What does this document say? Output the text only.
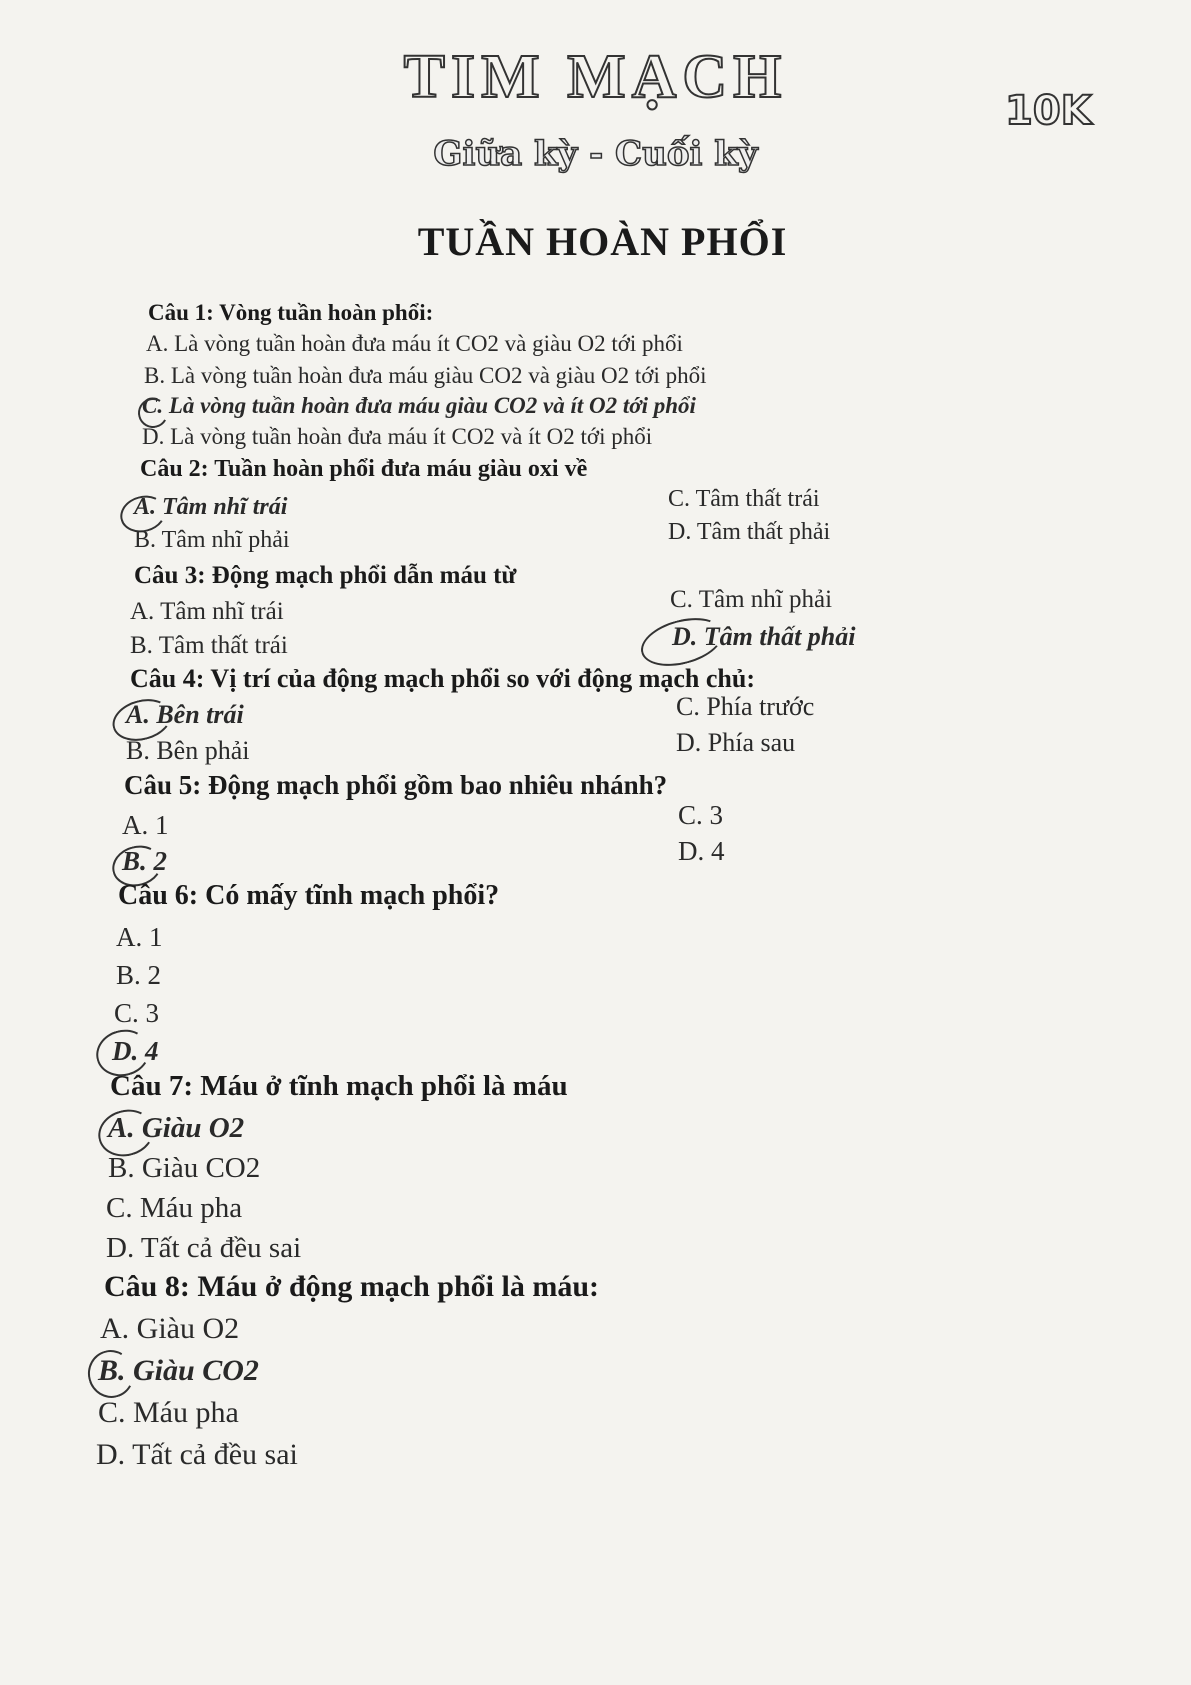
TIM MẠCH	10K
Giữa kỳ - Cuối kỳ
TUẦN HOÀN PHỔI
Câu 1: Vòng tuần hoàn phổi:
A. Là vòng tuần hoàn đưa máu ít CO2 và giàu O2 tới phổi
B. Là vòng tuần hoàn đưa máu giàu CO2 và giàu O2 tới phổi
C. Là vòng tuần hoàn đưa máu giàu CO2 và ít O2 tới phổi
D. Là vòng tuần hoàn đưa máu ít CO2 và ít O2 tới phổi
Câu 2: Tuần hoàn phổi đưa máu giàu oxi về
A. Tâm nhĩ trái
B. Tâm nhĩ phải
C. Tâm thất trái
D. Tâm thất phải
Câu 3: Động mạch phổi dẫn máu từ
A. Tâm nhĩ trái
B. Tâm thất trái
C. Tâm nhĩ phải
D. Tâm thất phải
Câu 4: Vị trí của động mạch phổi so với động mạch chủ:
A. Bên trái
B. Bên phải
C. Phía trước
D. Phía sau
Câu 5: Động mạch phổi gồm bao nhiêu nhánh?
A. 1
B. 2
C. 3
D. 4
Câu 6: Có mấy tĩnh mạch phổi?
A. 1
B. 2
C. 3
D. 4
Câu 7: Máu ở tĩnh mạch phổi là máu
A. Giàu O2
B. Giàu CO2
C. Máu pha
D. Tất cả đều sai
Câu 8: Máu ở động mạch phổi là máu:
A. Giàu O2
B. Giàu CO2
C. Máu pha
D. Tất cả đều sai
